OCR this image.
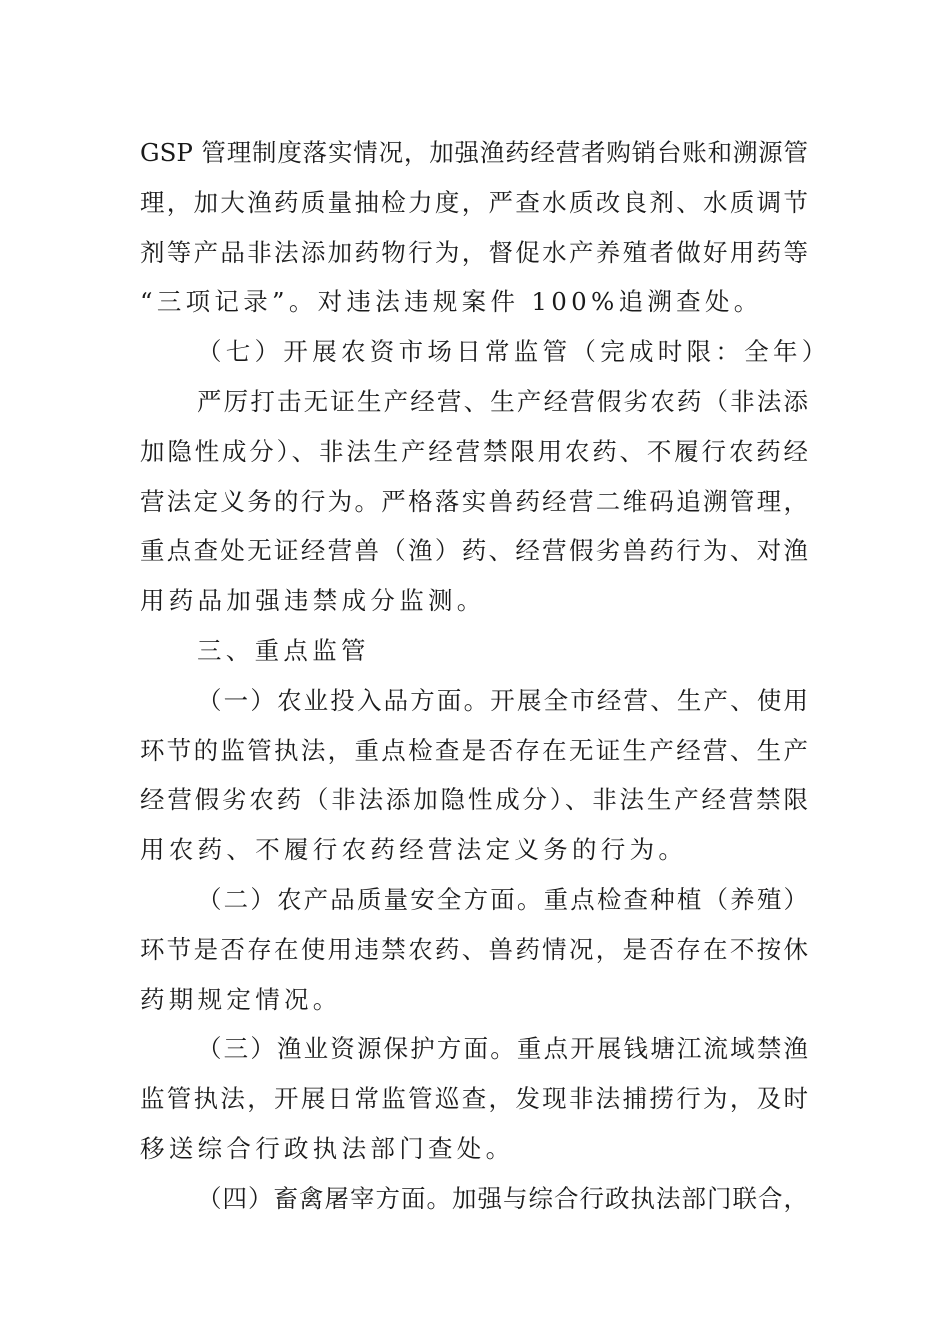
GSP 管理制度落实情况，加强渔药经营者购销台账和溯源管
理，加大渔药质量抽检力度，严查水质改良剂、水质调节
剂等产品非法添加药物行为，督促水产养殖者做好用药等
“三项记录”。对违法违规案件 100%追溯查处。
（七）开展农资市场日常监管（完成时限：全年）
严厉打击无证生产经营、生产经营假劣农药（非法添
加隐性成分）、非法生产经营禁限用农药、不履行农药经
营法定义务的行为。严格落实兽药经营二维码追溯管理，
重点查处无证经营兽（渔）药、经营假劣兽药行为、对渔
用药品加强违禁成分监测。
三、重点监管
（一）农业投入品方面。开展全市经营、生产、使用
环节的监管执法，重点检查是否存在无证生产经营、生产
经营假劣农药（非法添加隐性成分）、非法生产经营禁限
用农药、不履行农药经营法定义务的行为。
（二）农产品质量安全方面。重点检查种植（养殖）
环节是否存在使用违禁农药、兽药情况，是否存在不按休
药期规定情况。
（三）渔业资源保护方面。重点开展钱塘江流域禁渔
监管执法，开展日常监管巡查，发现非法捕捞行为，及时
移送综合行政执法部门查处。
（四）畜禽屠宰方面。加强与综合行政执法部门联合，
